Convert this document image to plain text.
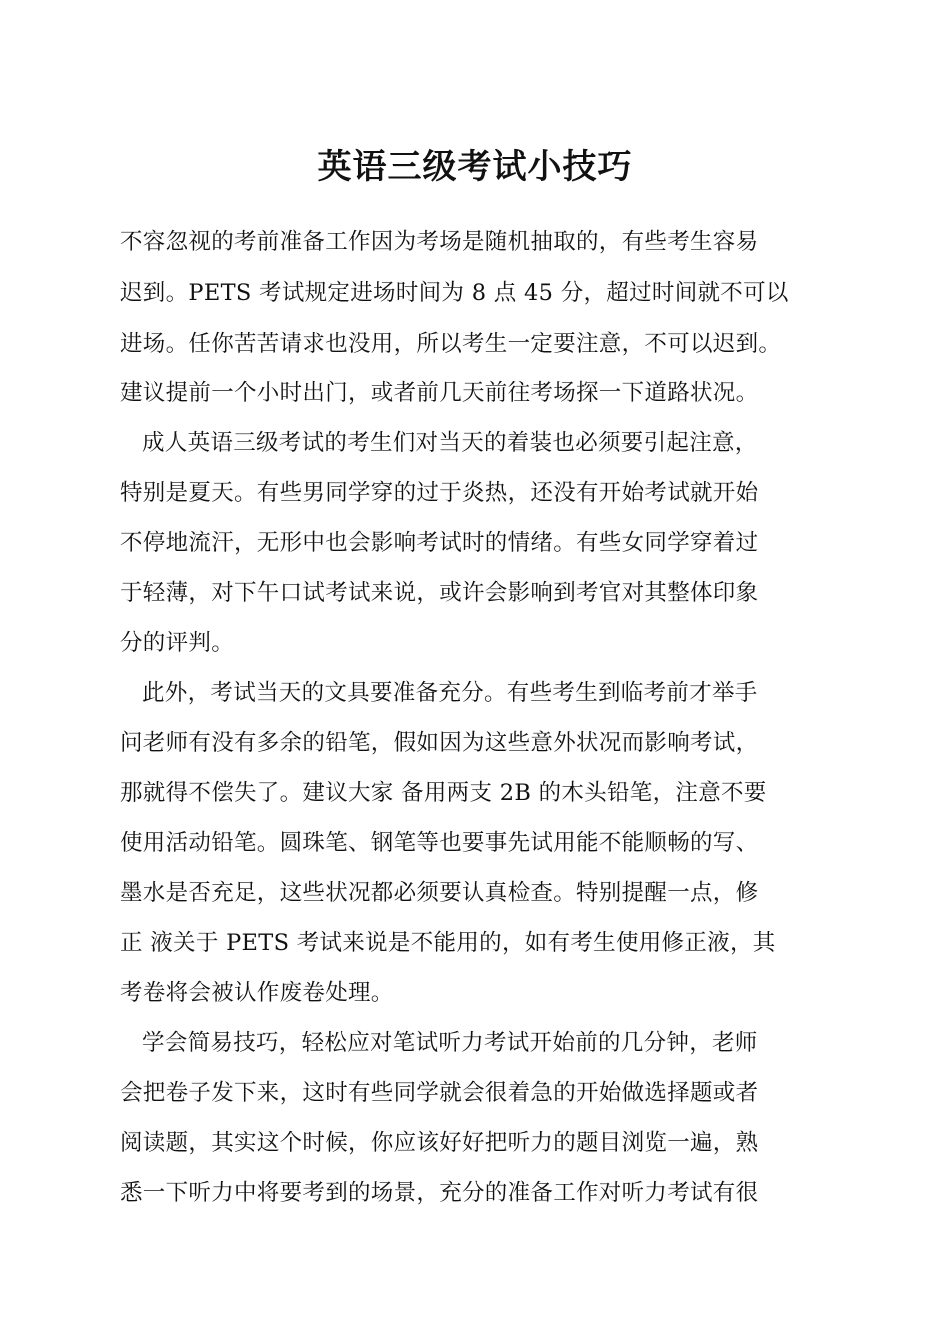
英语三级考试小技巧
不容忽视的考前准备工作因为考场是随机抽取的，有些考生容易
迟到。PETS 考试规定进场时间为 8 点 45 分，超过时间就不可以
进场。任你苦苦请求也没用，所以考生一定要注意，不可以迟到。
建议提前一个小时出门，或者前几天前往考场探一下道路状况。
成人英语三级考试的考生们对当天的着装也必须要引起注意，
特别是夏天。有些男同学穿的过于炎热，还没有开始考试就开始
不停地流汗，无形中也会影响考试时的情绪。有些女同学穿着过
于轻薄，对下午口试考试来说，或许会影响到考官对其整体印象
分的评判。
此外，考试当天的文具要准备充分。有些考生到临考前才举手
问老师有没有多余的铅笔，假如因为这些意外状况而影响考试，
那就得不偿失了。建议大家 备用两支 2B 的木头铅笔，注意不要
使用活动铅笔。圆珠笔、钢笔等也要事先试用能不能顺畅的写、
墨水是否充足，这些状况都必须要认真检查。特别提醒一点，修
正 液关于 PETS 考试来说是不能用的，如有考生使用修正液，其
考卷将会被认作废卷处理。
学会简易技巧，轻松应对笔试听力考试开始前的几分钟，老师
会把卷子发下来，这时有些同学就会很着急的开始做选择题或者
阅读题，其实这个时候，你应该好好把听力的题目浏览一遍，熟
悉一下听力中将要考到的场景，充分的准备工作对听力考试有很
